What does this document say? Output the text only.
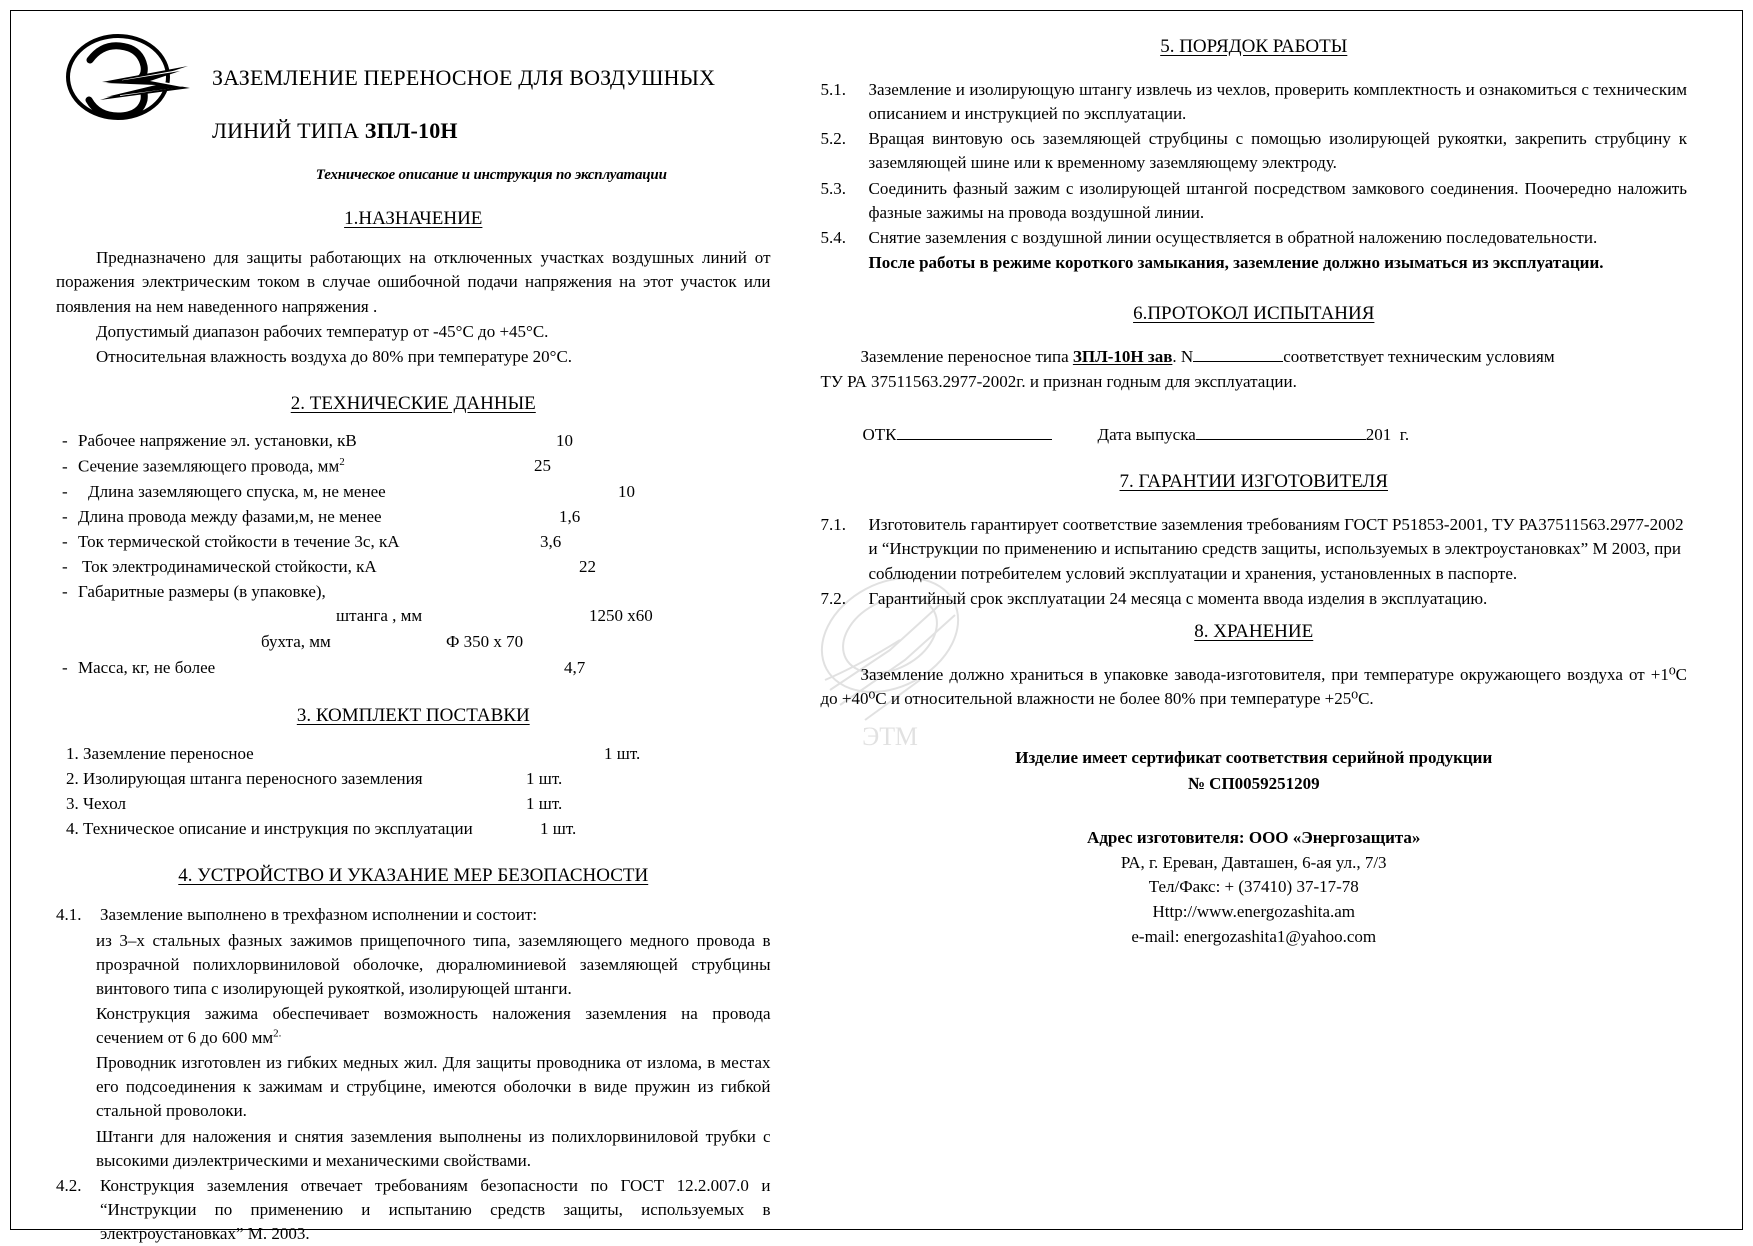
ЭТМ

ЗАЗЕМЛЕНИЕ ПЕРЕНОСНОЕ ДЛЯ ВОЗДУШНЫХ

ЛИНИЙ ТИПА ЗПЛ-10Н

Техническое описание и инструкция по эксплуатации
1.НАЗНАЧЕНИЕ

Предназначено для защиты работающих на отключенных участках воздушных линий от поражения электрическим током в случае ошибочной подачи напряжения на этот участок или появления на нем наведенного напряжения .

Допустимый диапазон рабочих температур от -45°С до +45°С.

Относительная влажность воздуха до 80% при температуре 20°С.

2. ТЕХНИЧЕСКИЕ ДАННЫЕ
- Рабочее напряжение эл. установки, кВ	10
- Сечение заземляющего провода, $мм^2$	25
-	Длина заземляющего спуска, м, не менее	10
- Длина провода между фазами,м, не менее	1,6
- Ток термической стойкости в течение 3с, кА	3,6
- Ток электродинамической стойкости, кА	22
- Габаритные размеры (в упаковке),
штанга , мм	1250 х60
бухта, мм	Ф 350 х 70
- Масса, кг, не более	4,7
3. КОМПЛЕКТ ПОСТАВКИ
1. Заземление переносное	1 шт.
2. Изолирующая штанга переносного заземления	1 шт.
3. Чехол	1 шт.
4. Техническое описание и инструкция по эксплуатации	1 шт.
4. УСТРОЙСТВО И УКАЗАНИЕ МЕР БЕЗОПАСНОСТИ
4.1.	Заземление выполнено в трехфазном исполнении и состоит:

из 3–х стальных фазных зажимов прищепочного типа, заземляющего медного провода в прозрачной полихлорвиниловой оболочке, дюралюминиевой заземляющей струбцины винтового типа с изолирующей рукояткой, изолирующей штанги.

Конструкция зажима обеспечивает возможность наложения заземления на провода сечением от 6 до 600 $мм^{2.}$

Проводник изготовлен из гибких медных жил. Для защиты проводника от излома, в местах его подсоединения к зажимам и струбцине, имеются оболочки в виде пружин из гибкой стальной проволоки.

Штанги для наложения и снятия заземления выполнены из полихлорвиниловой трубки с высокими диэлектрическими и механическими свойствами.

4.2.	Конструкция заземления отвечает требованиям безопасности по ГОСТ 12.2.007.0 и “Инструкции по применению и испытанию средств защиты, используемых в электроустановках” М. 2003.
5. ПОРЯДОК РАБОТЫ
5.1.	Заземление и изолирующую штангу извлечь из чехлов, проверить комплектность и ознакомиться с техническим описанием и инструкцией по эксплуатации.
5.2.	Вращая винтовую ось заземляющей струбцины с помощью изолирующей рукоятки, закрепить струбцину к заземляющей шине или к временному заземляющему электроду.
5.3.	Соединить фазный зажим с изолирующей штангой посредством замкового соединения. Поочередно наложить фазные зажимы на провода воздушной линии.
5.4.	Снятие заземления с воздушной линии осуществляется в обратной наложению последовательности.
После работы в режиме короткого замыкания, заземление должно изыматься из эксплуатации.
6.ПРОТОКОЛ ИСПЫТАНИЯ

Заземление переносное типа ЗПЛ-10Н зав. N	соответствует техническим условиям

ТУ РА 37511563.2977-2002г. и признан годным для эксплуатации.

ОТК	Дата выпуска	201 г.
7. ГАРАНТИИ ИЗГОТОВИТЕЛЯ
7.1.	Изготовитель гарантирует соответствие заземления требованиям ГОСТ Р51853-2001, ТУ РА37511563.2977-2002 и “Инструкции по применению и испытанию средств защиты, используемых в электроустановках” М 2003, при соблюдении потребителем условий эксплуатации и хранения, установленных в паспорте.
7.2.	Гарантийный срок эксплуатации 24 месяца с момента ввода изделия в эксплуатацию.
8. ХРАНЕНИЕ

Заземление должно храниться в упаковке завода-изготовителя, при температуре окружающего воздуха от +1⁰С до +40⁰С и относительной влажности не более 80% при температуре +25⁰С.

Изделие имеет сертификат соответствия серийной продукции
№ СП0059251209
Адрес изготовителя: ООО «Энергозащита»
РА, г. Ереван, Давташен, 6-ая ул., 7/3
Тел/Факс: + (37410) 37-17-78
Http://www.energozashita.am
e-mail: energozashita1@yahoo.com
